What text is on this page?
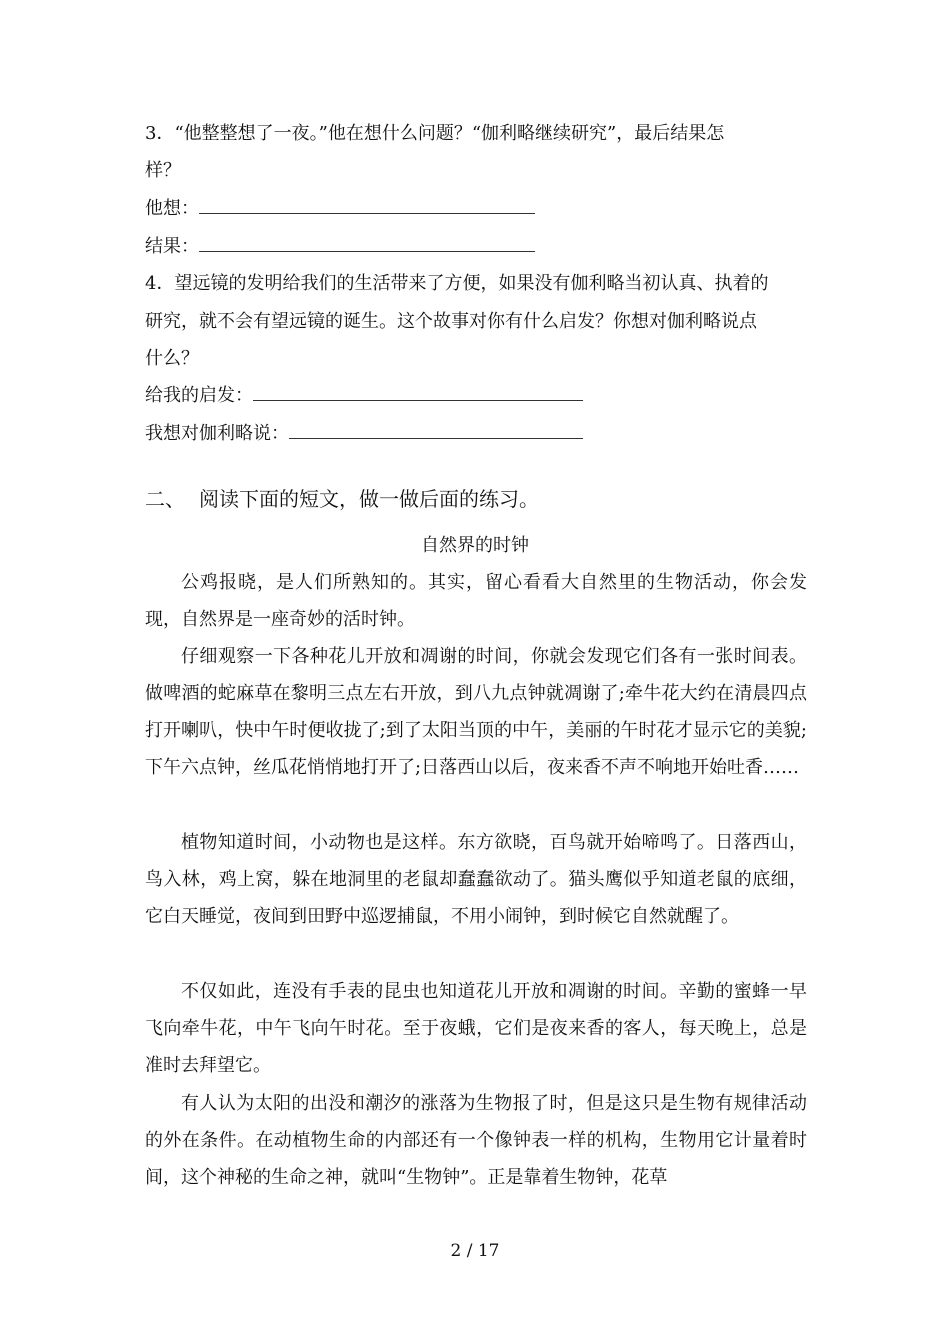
3．“他整整想了一夜。”他在想什么问题？“伽利略继续研究”，最后结果怎
样？
他想：
结果：
4．望远镜的发明给我们的生活带来了方便，如果没有伽利略当初认真、执着的
研究，就不会有望远镜的诞生。这个故事对你有什么启发？你想对伽利略说点
什么？
给我的启发：
我想对伽利略说：
二、 阅读下面的短文，做一做后面的练习。
自然界的时钟
公鸡报晓，是人们所熟知的。其实，留心看看大自然里的生物活动，你会发现，自然界是一座奇妙的活时钟。
仔细观察一下各种花儿开放和凋谢的时间，你就会发现它们各有一张时间表。做啤酒的蛇麻草在黎明三点左右开放，到八九点钟就凋谢了;牵牛花大约在清晨四点打开喇叭，快中午时便收拢了;到了太阳当顶的中午，美丽的午时花才显示它的美貌;下午六点钟，丝瓜花悄悄地打开了;日落西山以后，夜来香不声不响地开始吐香……
植物知道时间，小动物也是这样。东方欲晓，百鸟就开始啼鸣了。日落西山，鸟入林，鸡上窝，躲在地洞里的老鼠却蠢蠢欲动了。猫头鹰似乎知道老鼠的底细，它白天睡觉，夜间到田野中巡逻捕鼠，不用小闹钟，到时候它自然就醒了。
不仅如此，连没有手表的昆虫也知道花儿开放和凋谢的时间。辛勤的蜜蜂一早飞向牵牛花，中午飞向午时花。至于夜蛾，它们是夜来香的客人，每天晚上，总是准时去拜望它。
有人认为太阳的出没和潮汐的涨落为生物报了时，但是这只是生物有规律活动的外在条件。在动植物生命的内部还有一个像钟表一样的机构，生物用它计量着时间，这个神秘的生命之神，就叫“生物钟”。正是靠着生物钟，花草
2 / 17
